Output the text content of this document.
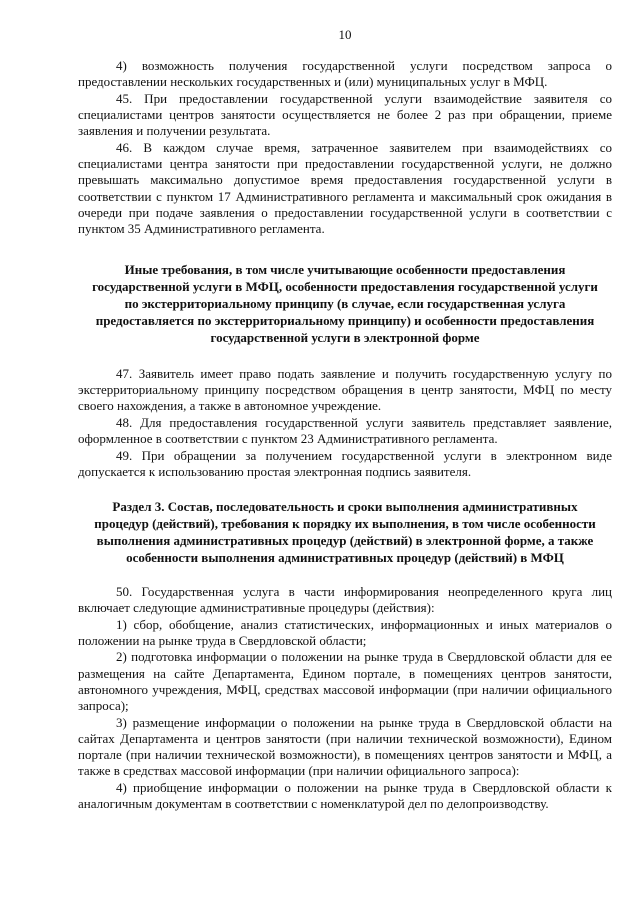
10

4) возможность получения государственной услуги посредством запроса о предоставлении нескольких государственных и (или) муниципальных услуг в МФЦ.

45. При предоставлении государственной услуги взаимодействие заявителя со специалистами центров занятости осуществляется не более 2 раз при обращении, приеме заявления и получении результата.

46. В каждом случае время, затраченное заявителем при взаимодействиях со специалистами центра занятости при предоставлении государственной услуги, не должно превышать максимально допустимое время предоставления государственной услуги в соответствии с пунктом 17 Административного регламента и максимальный срок ожидания в очереди при подаче заявления о предоставлении государственной услуги в соответствии с пунктом 35 Административного регламента.

Иные требования, в том числе учитывающие особенности предоставления государственной услуги в МФЦ, особенности предоставления государственной услуги по экстерриториальному принципу (в случае, если государственная услуга предоставляется по экстерриториальному принципу) и особенности предоставления государственной услуги в электронной форме

47. Заявитель имеет право подать заявление и получить государственную услугу по экстерриториальному принципу посредством обращения в центр занятости, МФЦ по месту своего нахождения, а также в автономное учреждение.

48. Для предоставления государственной услуги заявитель представляет заявление, оформленное в соответствии с пунктом 23 Административного регламента.

49. При обращении за получением государственной услуги в электронном виде допускается к использованию простая электронная подпись заявителя.

Раздел 3. Состав, последовательность и сроки выполнения административных процедур (действий), требования к порядку их выполнения, в том числе особенности выполнения административных процедур (действий) в электронной форме, а также особенности выполнения административных процедур (действий) в МФЦ

50. Государственная услуга в части информирования неопределенного круга лиц включает следующие административные процедуры (действия):

1) сбор, обобщение, анализ статистических, информационных и иных материалов о положении на рынке труда в Свердловской области;

2) подготовка информации о положении на рынке труда в Свердловской области для ее размещения на сайте Департамента, Едином портале, в помещениях центров занятости, автономного учреждения, МФЦ, средствах массовой информации (при наличии официального запроса);

3) размещение информации о положении на рынке труда в Свердловской области на сайтах Департамента и центров занятости (при наличии технической возможности), Едином портале (при наличии технической возможности), в помещениях центров занятости и МФЦ, а также в средствах массовой информации (при наличии официального запроса):

4) приобщение информации о положении на рынке труда в Свердловской области к аналогичным документам в соответствии с номенклатурой дел по делопроизводству.
